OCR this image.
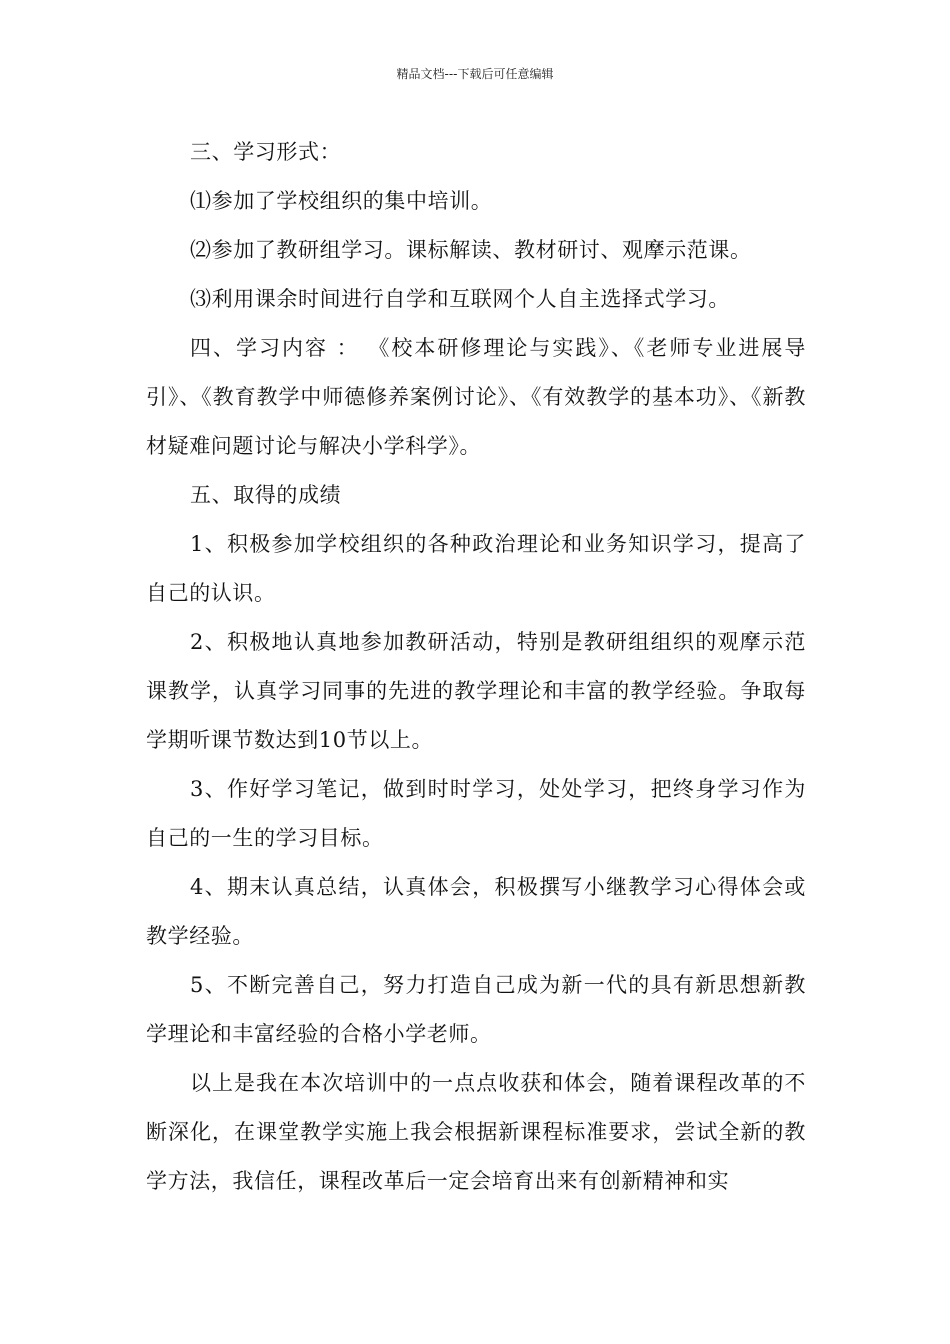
精品文档---下载后可任意编辑

三、学习形式：

⑴参加了学校组织的集中培训。

⑵参加了教研组学习。课标解读、教材研讨、观摩示范课。

⑶利用课余时间进行自学和互联网个人自主选择式学习。

四、学习内容 ： 《校本研修理论与实践》、《老师专业进展导引》、《教育教学中师德修养案例讨论》、《有效教学的基本功》、《新教材疑难问题讨论与解决小学科学》。

五、取得的成绩

1、积极参加学校组织的各种政治理论和业务知识学习，提高了自己的认识。

2、积极地认真地参加教研活动，特别是教研组组织的观摩示范课教学，认真学习同事的先进的教学理论和丰富的教学经验。争取每学期听课节数达到10节以上。

3、作好学习笔记，做到时时学习，处处学习，把终身学习作为自己的一生的学习目标。

4、期末认真总结，认真体会，积极撰写小继教学习心得体会或教学经验。

5、不断完善自己，努力打造自己成为新一代的具有新思想新教学理论和丰富经验的合格小学老师。

以上是我在本次培训中的一点点收获和体会，随着课程改革的不断深化，在课堂教学实施上我会根据新课程标准要求，尝试全新的教学方法，我信任，课程改革后一定会培育出来有创新精神和实
